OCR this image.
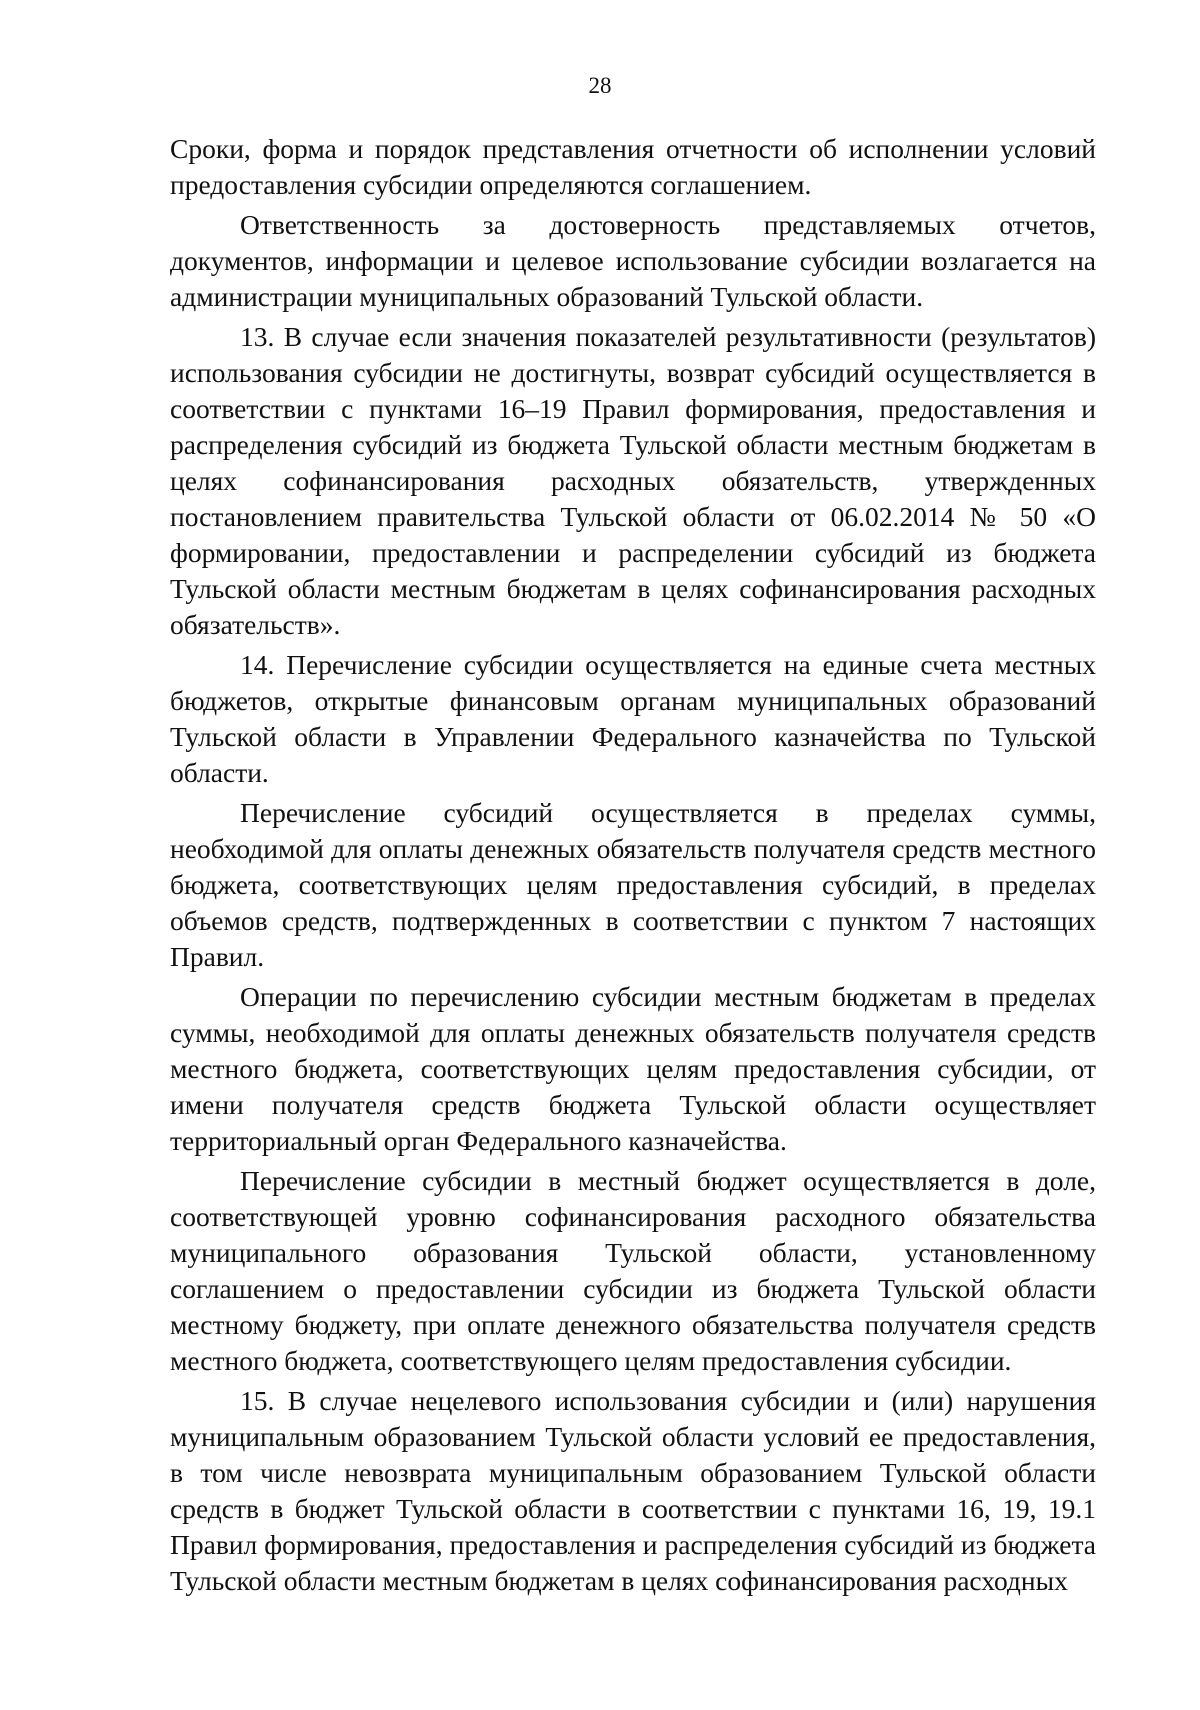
28

Сроки, форма и порядок представления отчетности об исполнении условий предоставления субсидии определяются соглашением.

Ответственность за достоверность представляемых отчетов, документов, информации и целевое использование субсидии возлагается на администрации муниципальных образований Тульской области.

13. В случае если значения показателей результативности (результатов) использования субсидии не достигнуты, возврат субсидий осуществляется в соответствии с пунктами 16–19 Правил формирования, предоставления и распределения субсидий из бюджета Тульской области местным бюджетам в целях софинансирования расходных обязательств, утвержденных постановлением правительства Тульской области от 06.02.2014 № 50 «О формировании, предоставлении и распределении субсидий из бюджета Тульской области местным бюджетам в целях софинансирования расходных обязательств».

14. Перечисление субсидии осуществляется на единые счета местных бюджетов, открытые финансовым органам муниципальных образований Тульской области в Управлении Федерального казначейства по Тульской области.

Перечисление субсидий осуществляется в пределах суммы, необходимой для оплаты денежных обязательств получателя средств местного бюджета, соответствующих целям предоставления субсидий, в пределах объемов средств, подтвержденных в соответствии с пунктом 7 настоящих Правил.

Операции по перечислению субсидии местным бюджетам в пределах суммы, необходимой для оплаты денежных обязательств получателя средств местного бюджета, соответствующих целям предоставления субсидии, от имени получателя средств бюджета Тульской области осуществляет территориальный орган Федерального казначейства.

Перечисление субсидии в местный бюджет осуществляется в доле, соответствующей уровню софинансирования расходного обязательства муниципального образования Тульской области, установленному соглашением о предоставлении субсидии из бюджета Тульской области местному бюджету, при оплате денежного обязательства получателя средств местного бюджета, соответствующего целям предоставления субсидии.

15. В случае нецелевого использования субсидии и (или) нарушения муниципальным образованием Тульской области условий ее предоставления, в том числе невозврата муниципальным образованием Тульской области средств в бюджет Тульской области в соответствии с пунктами 16, 19, 19.1 Правил формирования, предоставления и распределения субсидий из бюджета Тульской области местным бюджетам в целях софинансирования расходных
